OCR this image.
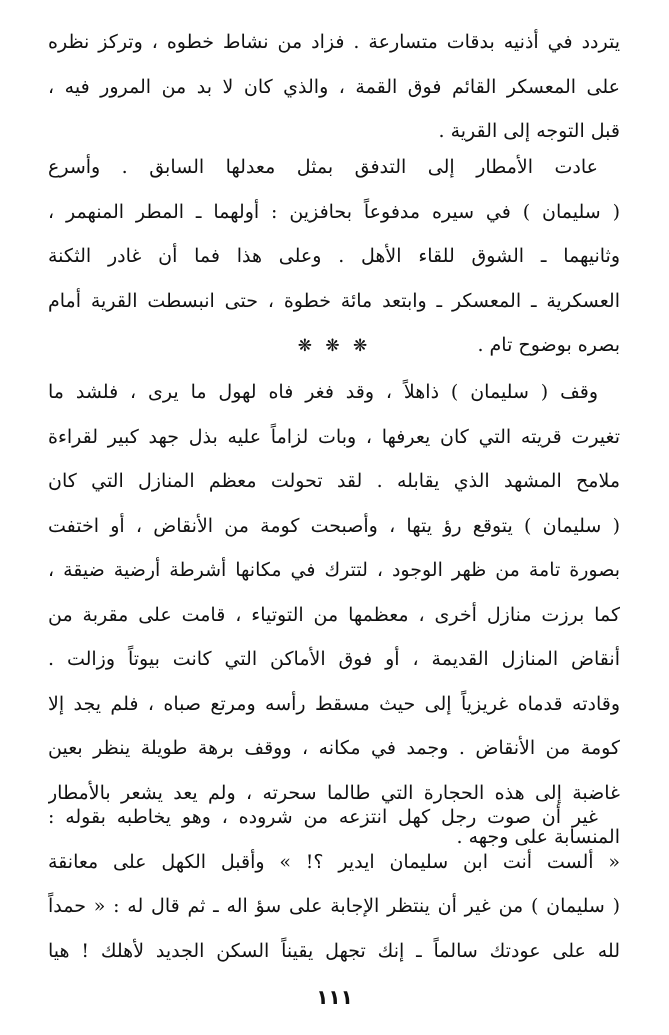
يتردد في أذنيه بدقات متسارعة . فزاد من نشاط خطوه ، وتركز نظره
على المعسكر القائم فوق القمة ، والذي كان لا بد من المرور فيه ،
قبل التوجه إلى القرية .
عادت الأمطار إلى التدفق بمثل معدلها السابق . وأسرع
( سليمان ) في سيره مدفوعاً بحافزين : أولهما ـ المطر المنهمر ،
وثانيهما ـ الشوق للقاء الأهل . وعلى هذا فما أن غادر الثكنة
العسكرية ـ المعسكر ـ وابتعد مائة خطوة ، حتى انبسطت القرية أمام
بصره بوضوح تام .
❋ ❋ ❋
وقف ( سليمان ) ذاهلاً ، وقد فغر فاه لهول ما يرى ، فلشد ما
تغيرت قريته التي كان يعرفها ، وبات لزاماً عليه بذل جهد كبير لقراءة
ملامح المشهد الذي يقابله . لقد تحولت معظم المنازل التي كان
( سليمان ) يتوقع رؤ يتها ، وأصبحت كومة من الأنقاض ، أو اختفت
بصورة تامة من ظهر الوجود ، لتترك في مكانها أشرطة أرضية ضيقة ،
كما برزت منازل أخرى ، معظمها من التوتياء ، قامت على مقربة من
أنقاض المنازل القديمة ، أو فوق الأماكن التي كانت بيوتاً وزالت .
وقادته قدماه غريزياً إلى حيث مسقط رأسه ومرتع صباه ، فلم يجد إلا
كومة من الأنقاض . وجمد في مكانه ، ووقف برهة طويلة ينظر بعين
غاضبة إلى هذه الحجارة التي طالما سحرته ، ولم يعد يشعر بالأمطار
المنسابة على وجهه .
غير أن صوت رجل كهل انتزعه من شروده ، وهو يخاطبه بقوله :
« ألست أنت ابن سليمان ايدير ؟! » وأقبل الكهل على معانقة
( سليمان ) من غير أن ينتظر الإجابة على سؤ اله ـ ثم قال له : « حمداً
لله على عودتك سالماً ـ إنك تجهل يقيناً السكن الجديد لأهلك ! هيا
١١١
